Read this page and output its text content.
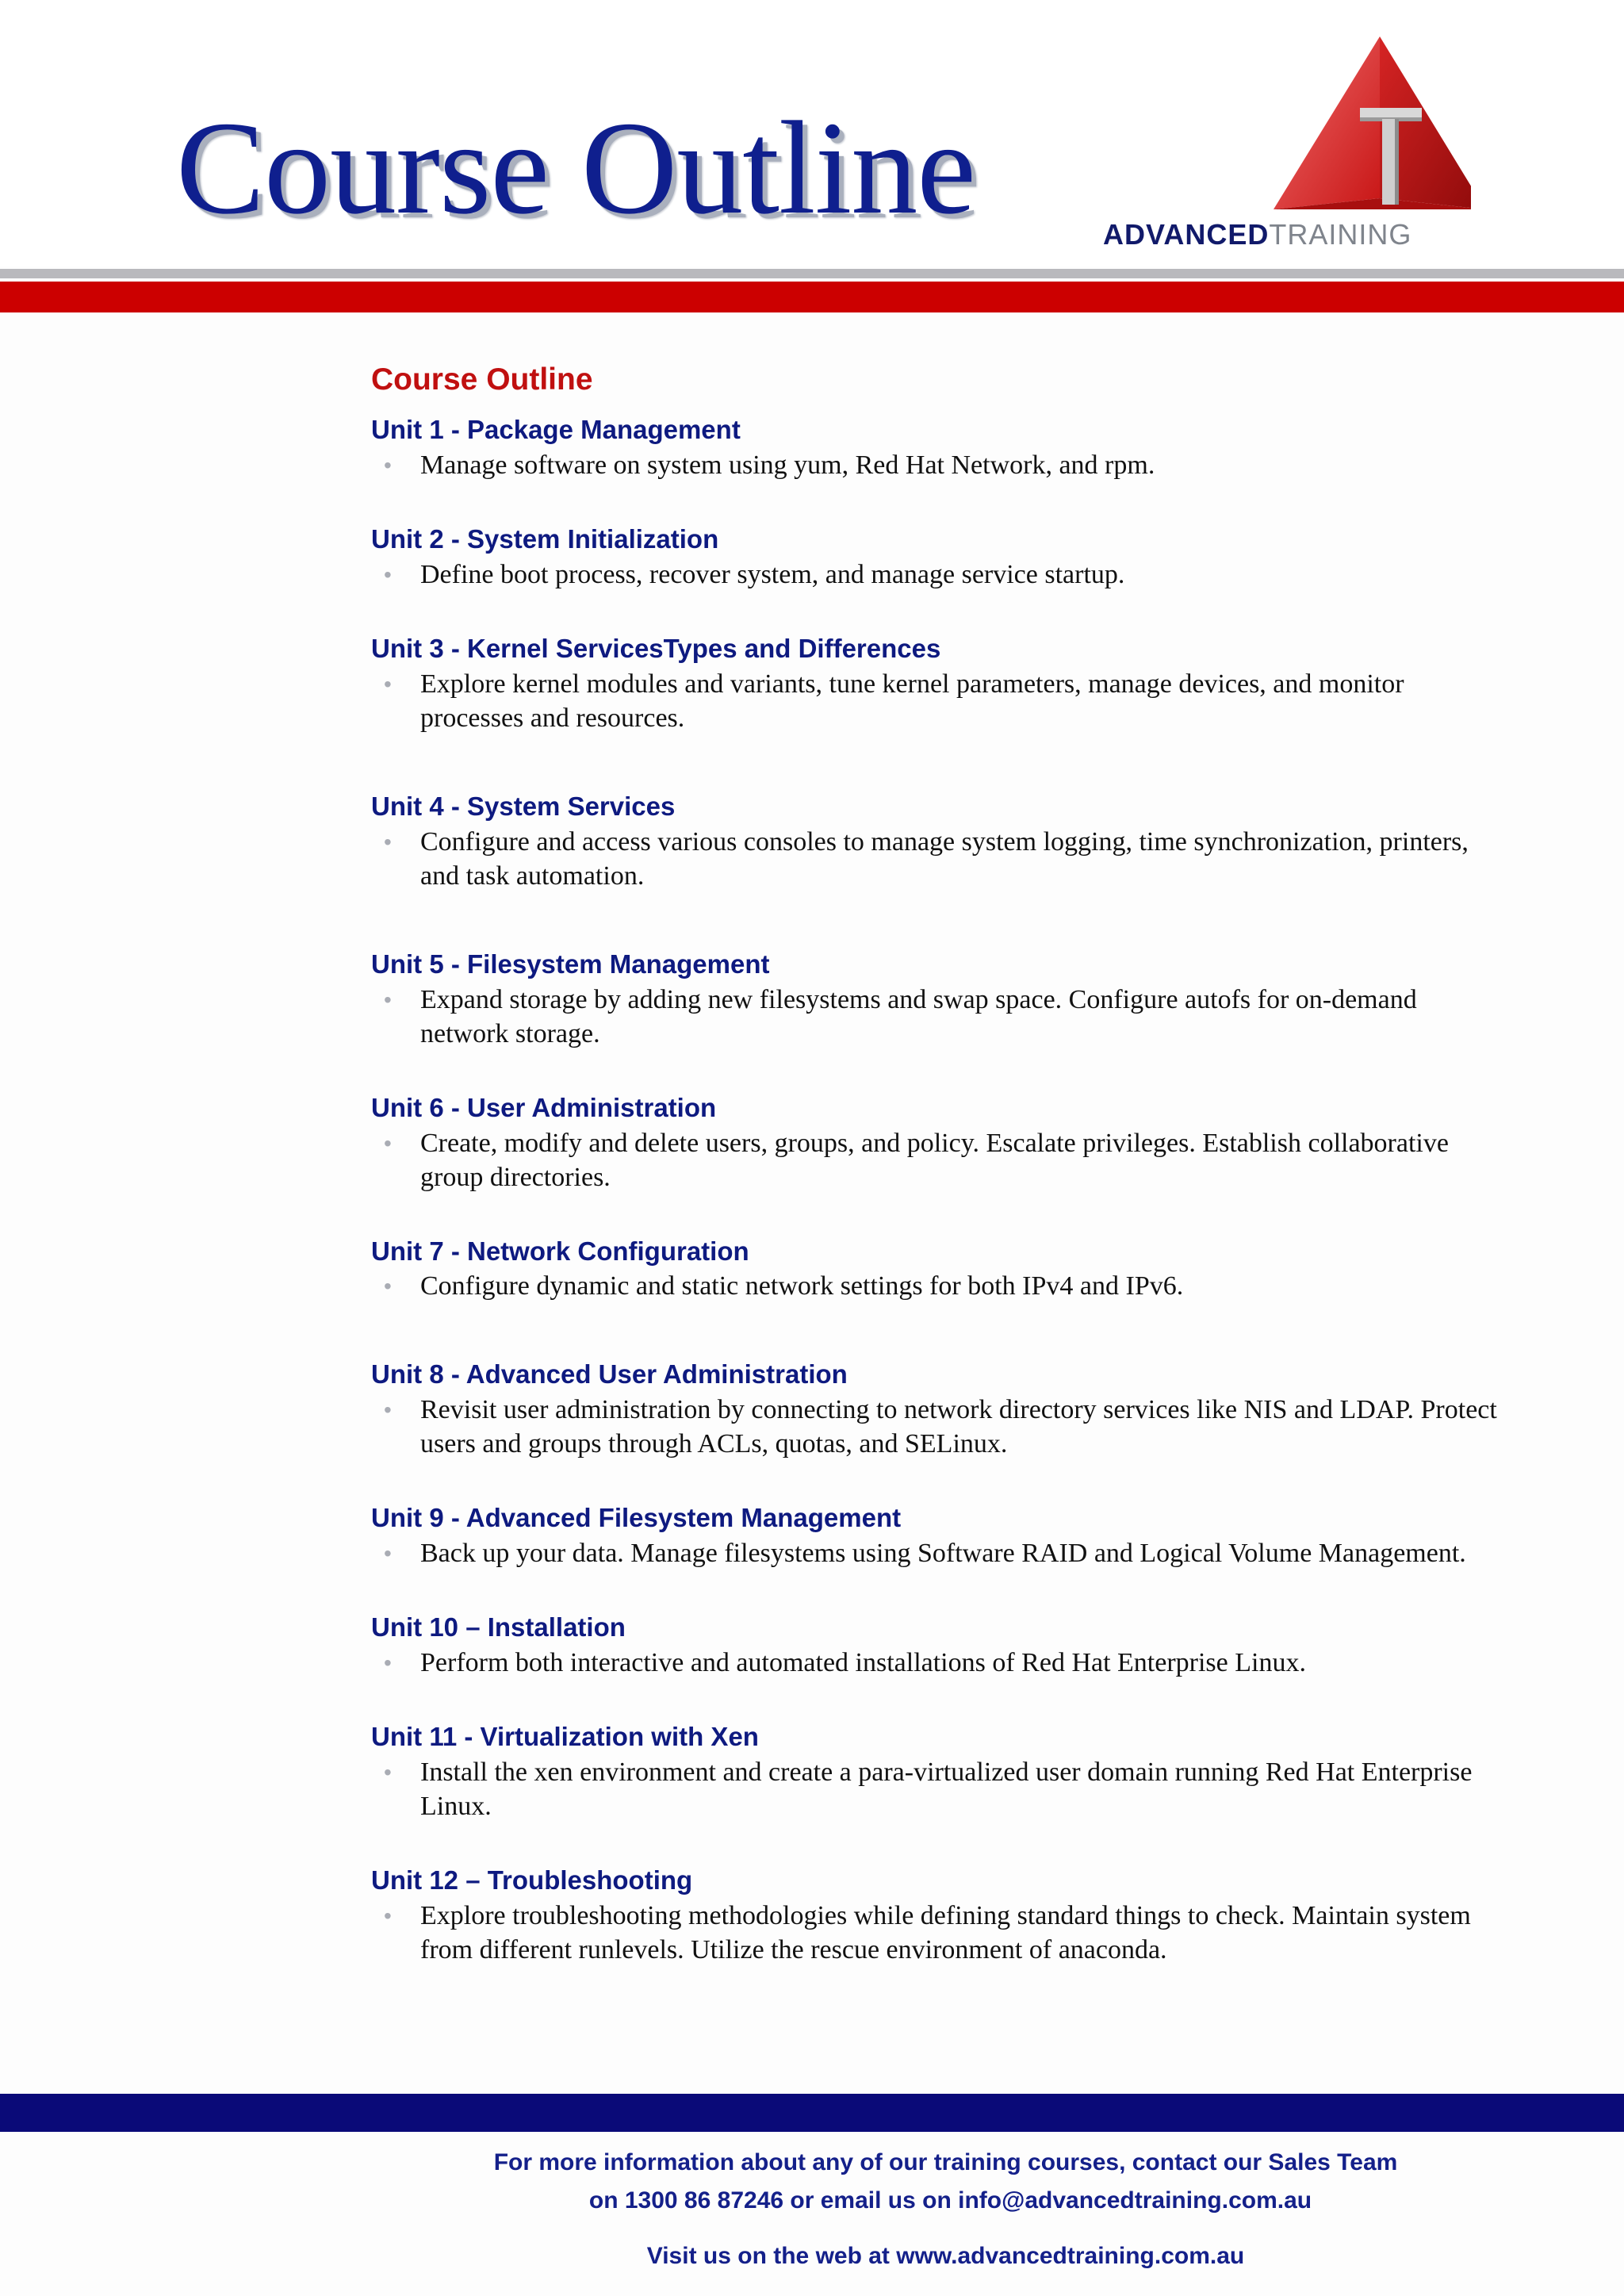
Course Outline	ADVANCEDTRAINING
Course Outline
Unit 1 - Package Management
• Manage software on system using yum, Red Hat Network, and rpm.
Unit 2 - System Initialization
• Define boot process, recover system, and manage service startup.
Unit 3 - Kernel ServicesTypes and Differences
• Explore kernel modules and variants, tune kernel parameters, manage devices, and monitor processes and resources.
Unit 4 - System Services
• Configure and access various consoles to manage system logging, time synchronization, printers, and task automation.
Unit 5 - Filesystem Management
• Expand storage by adding new filesystems and swap space. Configure autofs for on-demand network storage.
Unit 6 - User Administration
• Create, modify and delete users, groups, and policy. Escalate privileges. Establish collaborative group directories.
Unit 7 - Network Configuration
• Configure dynamic and static network settings for both IPv4 and IPv6.
Unit 8 - Advanced User Administration
• Revisit user administration by connecting to network directory services like NIS and LDAP. Protect users and groups through ACLs, quotas, and SELinux.
Unit 9 - Advanced Filesystem Management
• Back up your data. Manage filesystems using Software RAID and Logical Volume Management.
Unit 10 – Installation
• Perform both interactive and automated installations of Red Hat Enterprise Linux.
Unit 11 - Virtualization with Xen
• Install the xen environment and create a para-virtualized user domain running Red Hat Enterprise Linux.
Unit 12 – Troubleshooting
• Explore troubleshooting methodologies while defining standard things to check. Maintain system from different runlevels. Utilize the rescue environment of anaconda.
For more information about any of our training courses, contact our Sales Team
on 1300 86 87246 or email us on info@advancedtraining.com.au
Visit us on the web at www.advancedtraining.com.au
